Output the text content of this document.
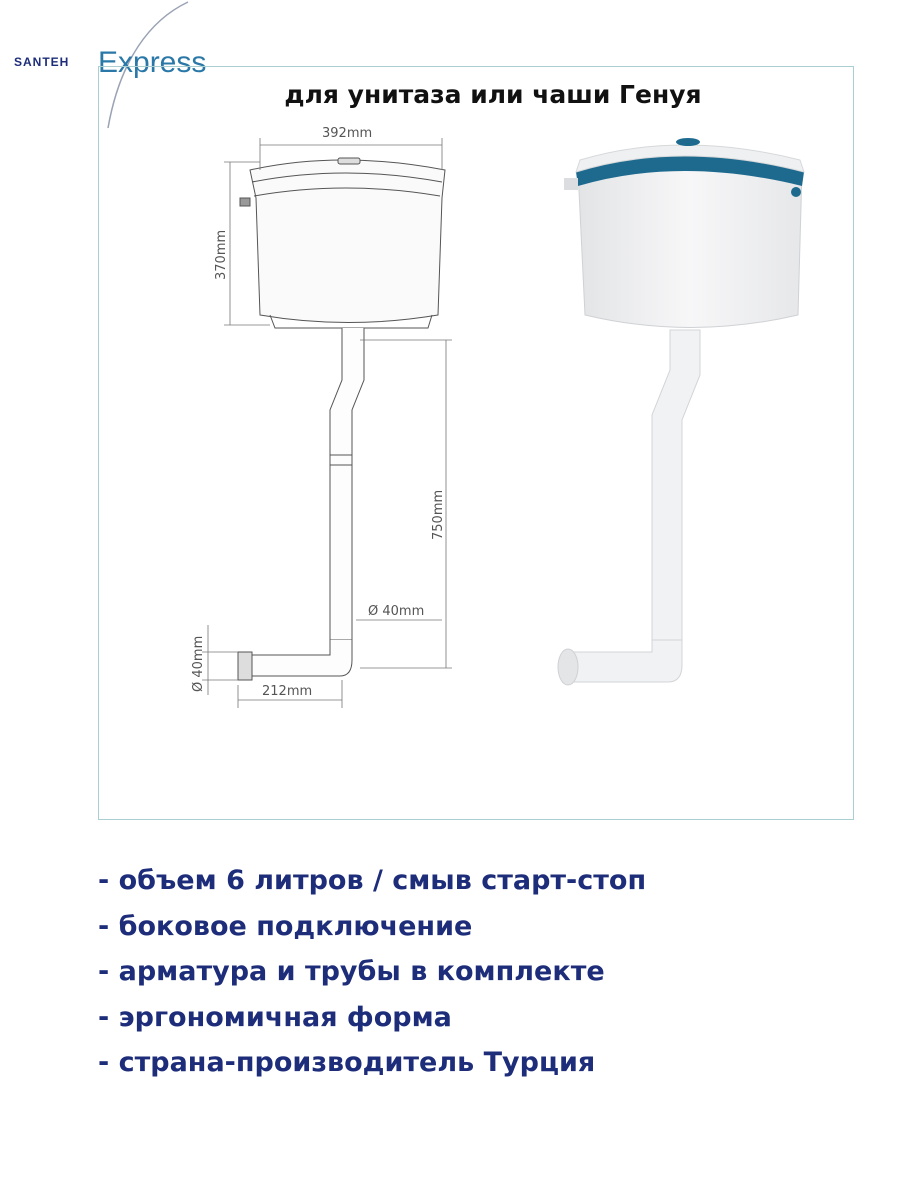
SANTEH Express
для унитаза или чаши Генуя
392mm
370mm
750mm
Ø 40mm
Ø 40mm	212mm
- объем 6 литров / смыв старт-стоп
- боковое подключение
- арматура и трубы в комплекте
- эргономичная форма
- страна-производитель Турция
